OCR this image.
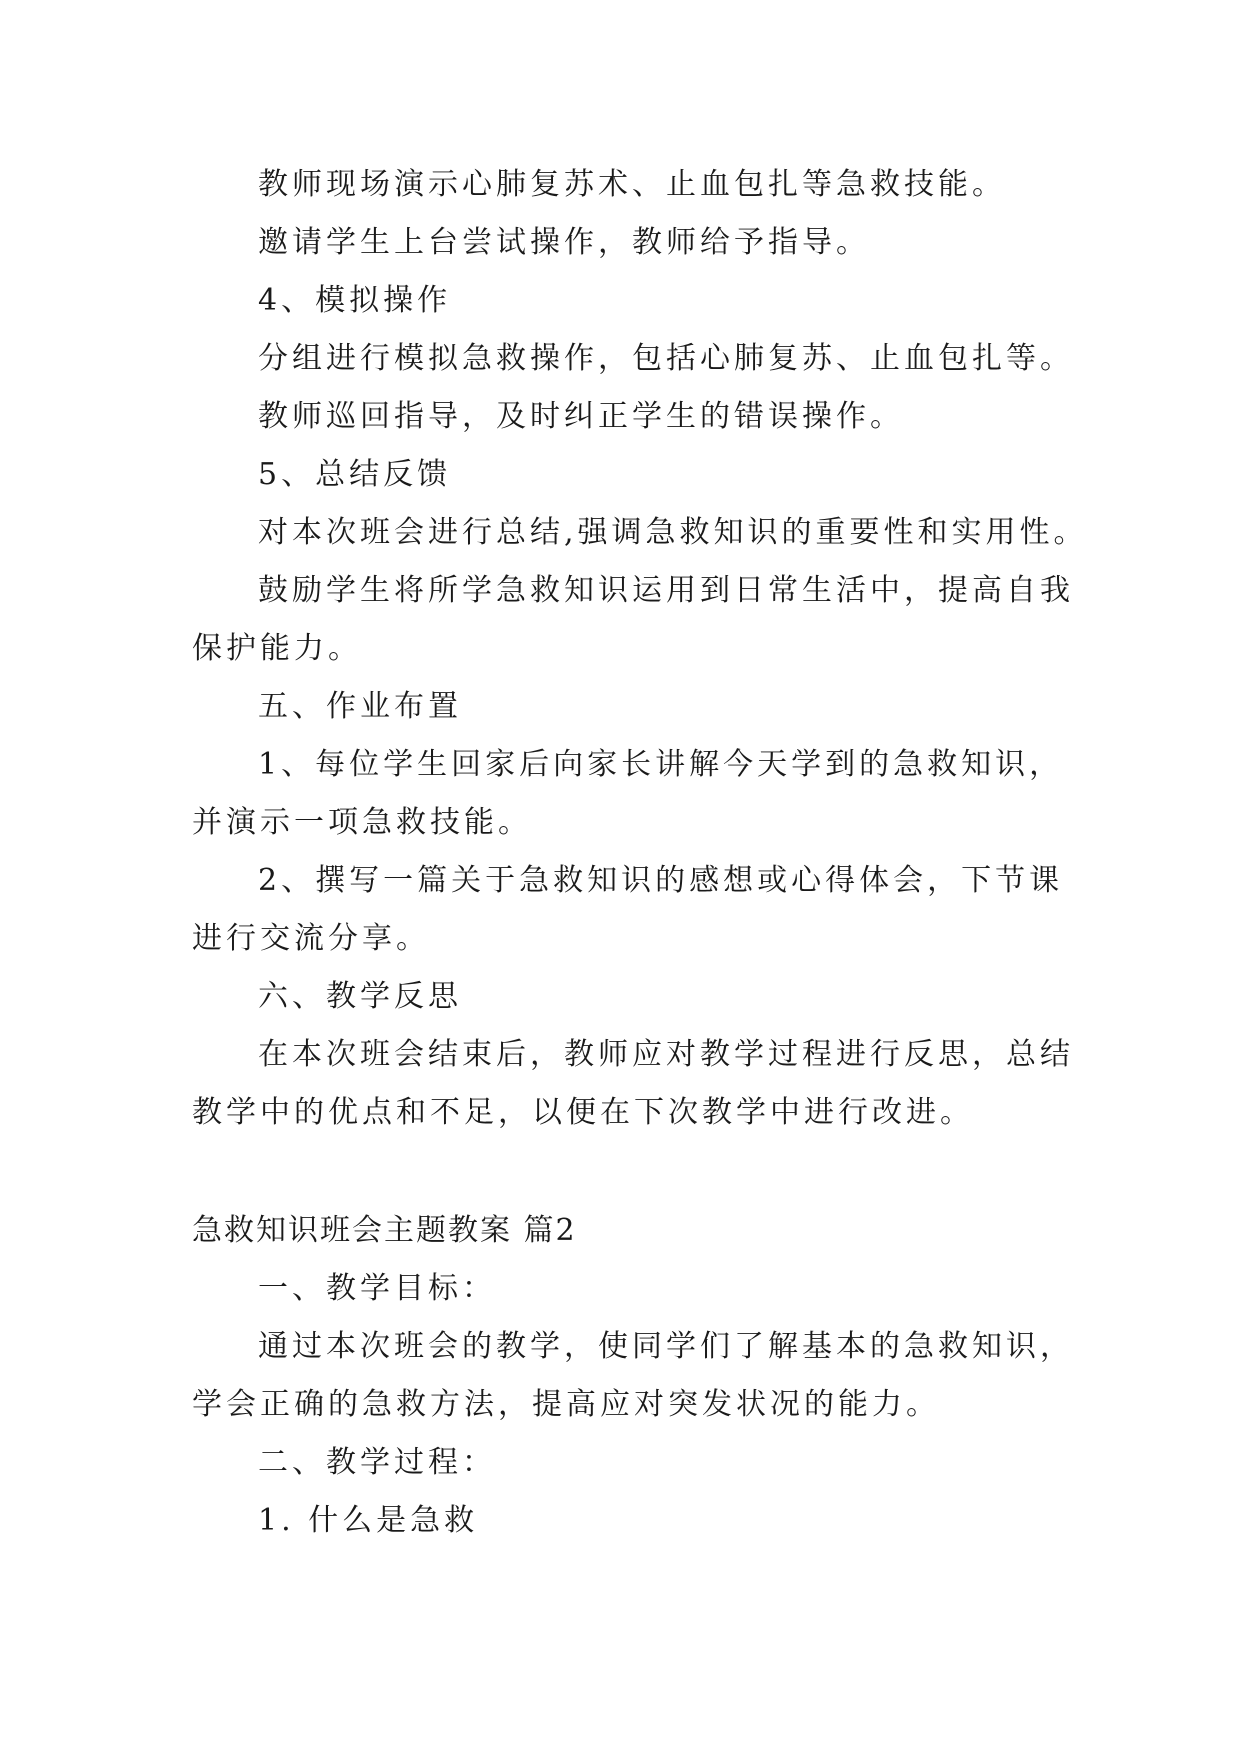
教师现场演示心肺复苏术、止血包扎等急救技能。
邀请学生上台尝试操作，教师给予指导。
4、模拟操作
分组进行模拟急救操作，包括心肺复苏、止血包扎等。
教师巡回指导，及时纠正学生的错误操作。
5、总结反馈
对本次班会进行总结,强调急救知识的重要性和实用性。
鼓励学生将所学急救知识运用到日常生活中，提高自我
保护能力。
五、作业布置
1、每位学生回家后向家长讲解今天学到的急救知识，
并演示一项急救技能。
2、撰写一篇关于急救知识的感想或心得体会，下节课
进行交流分享。
六、教学反思
在本次班会结束后，教师应对教学过程进行反思，总结
教学中的优点和不足，以便在下次教学中进行改进。
急救知识班会主题教案 篇2
一、教学目标：
通过本次班会的教学，使同学们了解基本的急救知识，
学会正确的急救方法，提高应对突发状况的能力。
二、教学过程：
1. 什么是急救
